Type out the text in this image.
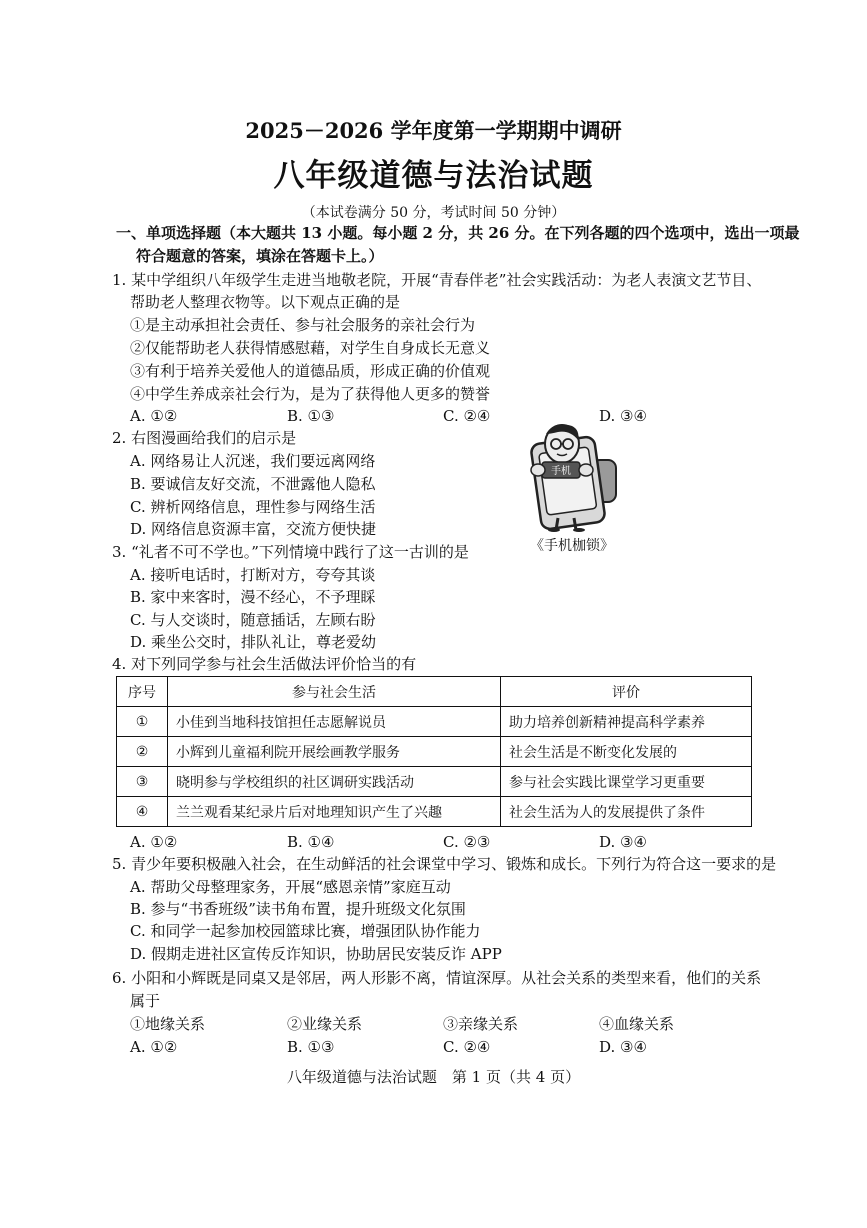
2025－2026 学年度第一学期期中调研
八年级道德与法治试题
（本试卷满分 50 分，考试时间 50 分钟）
一、单项选择题（本大题共 13 小题。每小题 2 分，共 26 分。在下列各题的四个选项中，选出一项最
符合题意的答案，填涂在答题卡上。）
1. 某中学组织八年级学生走进当地敬老院，开展“青春伴老”社会实践活动：为老人表演文艺节目、
帮助老人整理衣物等。以下观点正确的是
①是主动承担社会责任、参与社会服务的亲社会行为
②仅能帮助老人获得情感慰藉，对学生自身成长无意义
③有利于培养关爱他人的道德品质，形成正确的价值观
④中学生养成亲社会行为，是为了获得他人更多的赞誉
A. ①②	B. ①③	C. ②④	D. ③④
2. 右图漫画给我们的启示是
A. 网络易让人沉迷，我们要远离网络
B. 要诚信友好交流，不泄露他人隐私
C. 辨析网络信息，理性参与网络生活
D. 网络信息资源丰富，交流方便快捷
手机
《手机枷锁》
3. “礼者不可不学也。”下列情境中践行了这一古训的是
A. 接听电话时，打断对方，夸夸其谈
B. 家中来客时，漫不经心，不予理睬
C. 与人交谈时，随意插话，左顾右盼
D. 乘坐公交时，排队礼让，尊老爱幼
4. 对下列同学参与社会生活做法评价恰当的有
序号	参与社会生活	评价
①	小佳到当地科技馆担任志愿解说员	助力培养创新精神提高科学素养
②	小辉到儿童福利院开展绘画教学服务	社会生活是不断变化发展的
③	晓明参与学校组织的社区调研实践活动	参与社会实践比课堂学习更重要
④	兰兰观看某纪录片后对地理知识产生了兴趣	社会生活为人的发展提供了条件
A. ①②	B. ①④	C. ②③	D. ③④
5. 青少年要积极融入社会，在生动鲜活的社会课堂中学习、锻炼和成长。下列行为符合这一要求的是
A. 帮助父母整理家务，开展“感恩亲情”家庭互动
B. 参与“书香班级”读书角布置，提升班级文化氛围
C. 和同学一起参加校园篮球比赛，增强团队协作能力
D. 假期走进社区宣传反诈知识，协助居民安装反诈 APP
6. 小阳和小辉既是同桌又是邻居，两人形影不离，情谊深厚。从社会关系的类型来看，他们的关系
属于
①地缘关系	②业缘关系	③亲缘关系	④血缘关系
A. ①②	B. ①③	C. ②④	D. ③④
八年级道德与法治试题　第 1 页（共 4 页）
